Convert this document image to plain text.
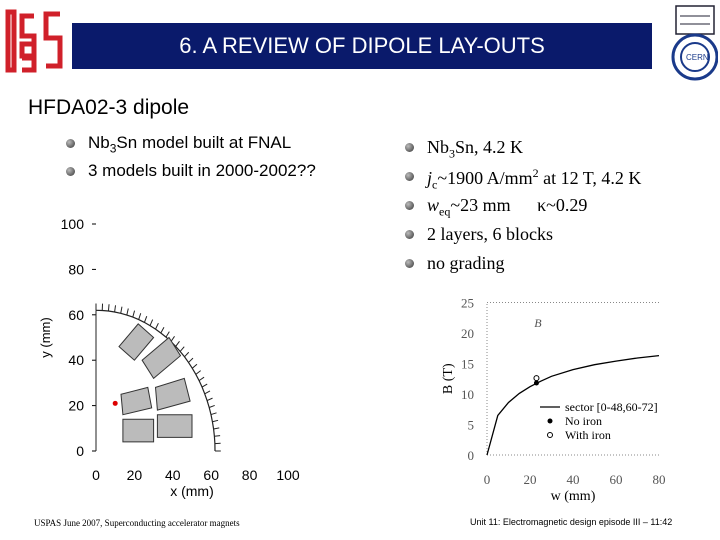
6. A REVIEW OF DIPOLE LAY-OUTS	CERN
HFDA02-3 dipole
$Nb_3Sn$ model built at FNAL
3 models built in 2000-2002??
$Nb_3Sn$, 4.2 K
$j_c\sim 1900$ $A/mm^2$ at 12 T, 4.2 K
$w_{eq}\sim 23$ mm κ~0.29
2 layers, 6 blocks
no grading
0 20 40 60 80 100
0
20
40
60
80
100
x (mm)
y (mm)
0
5
10
15
20
25
0	20 40 60 80
w (mm)
B (T)
B
sector [0-48,60-72]
No iron
With iron
USPAS June 2007, Superconducting accelerator magnets	Unit 11: Electromagnetic design episode III – 11:42
